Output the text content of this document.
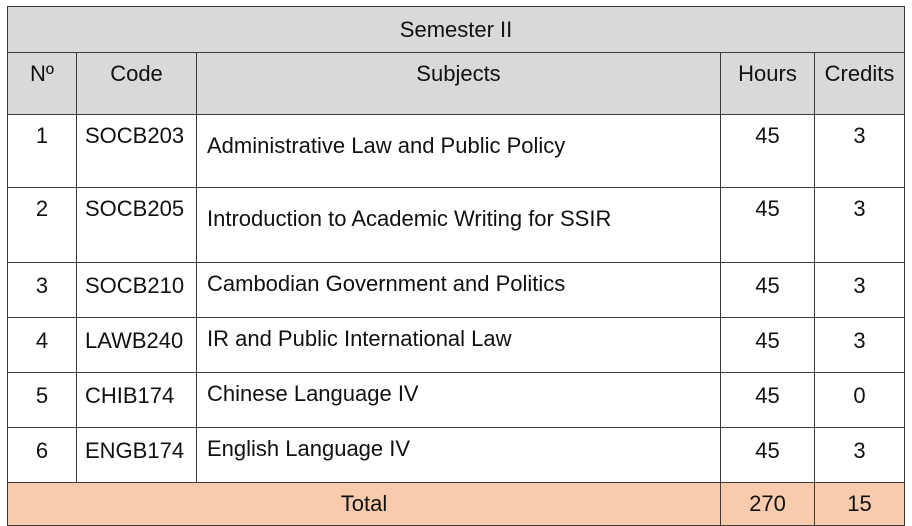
Semester II				
Nº	Code	Subjects	Hours	Credits
1	SOCB203	Administrative Law and Public Policy	45	3
2	SOCB205	Introduction to Academic Writing for SSIR	45	3
3	SOCB210	Cambodian Government and Politics	45	3
4	LAWB240	IR and Public International Law	45	3
5	CHIB174	Chinese Language IV	45	0
6	ENGB174	English Language IV	45	3
Total			270	15
